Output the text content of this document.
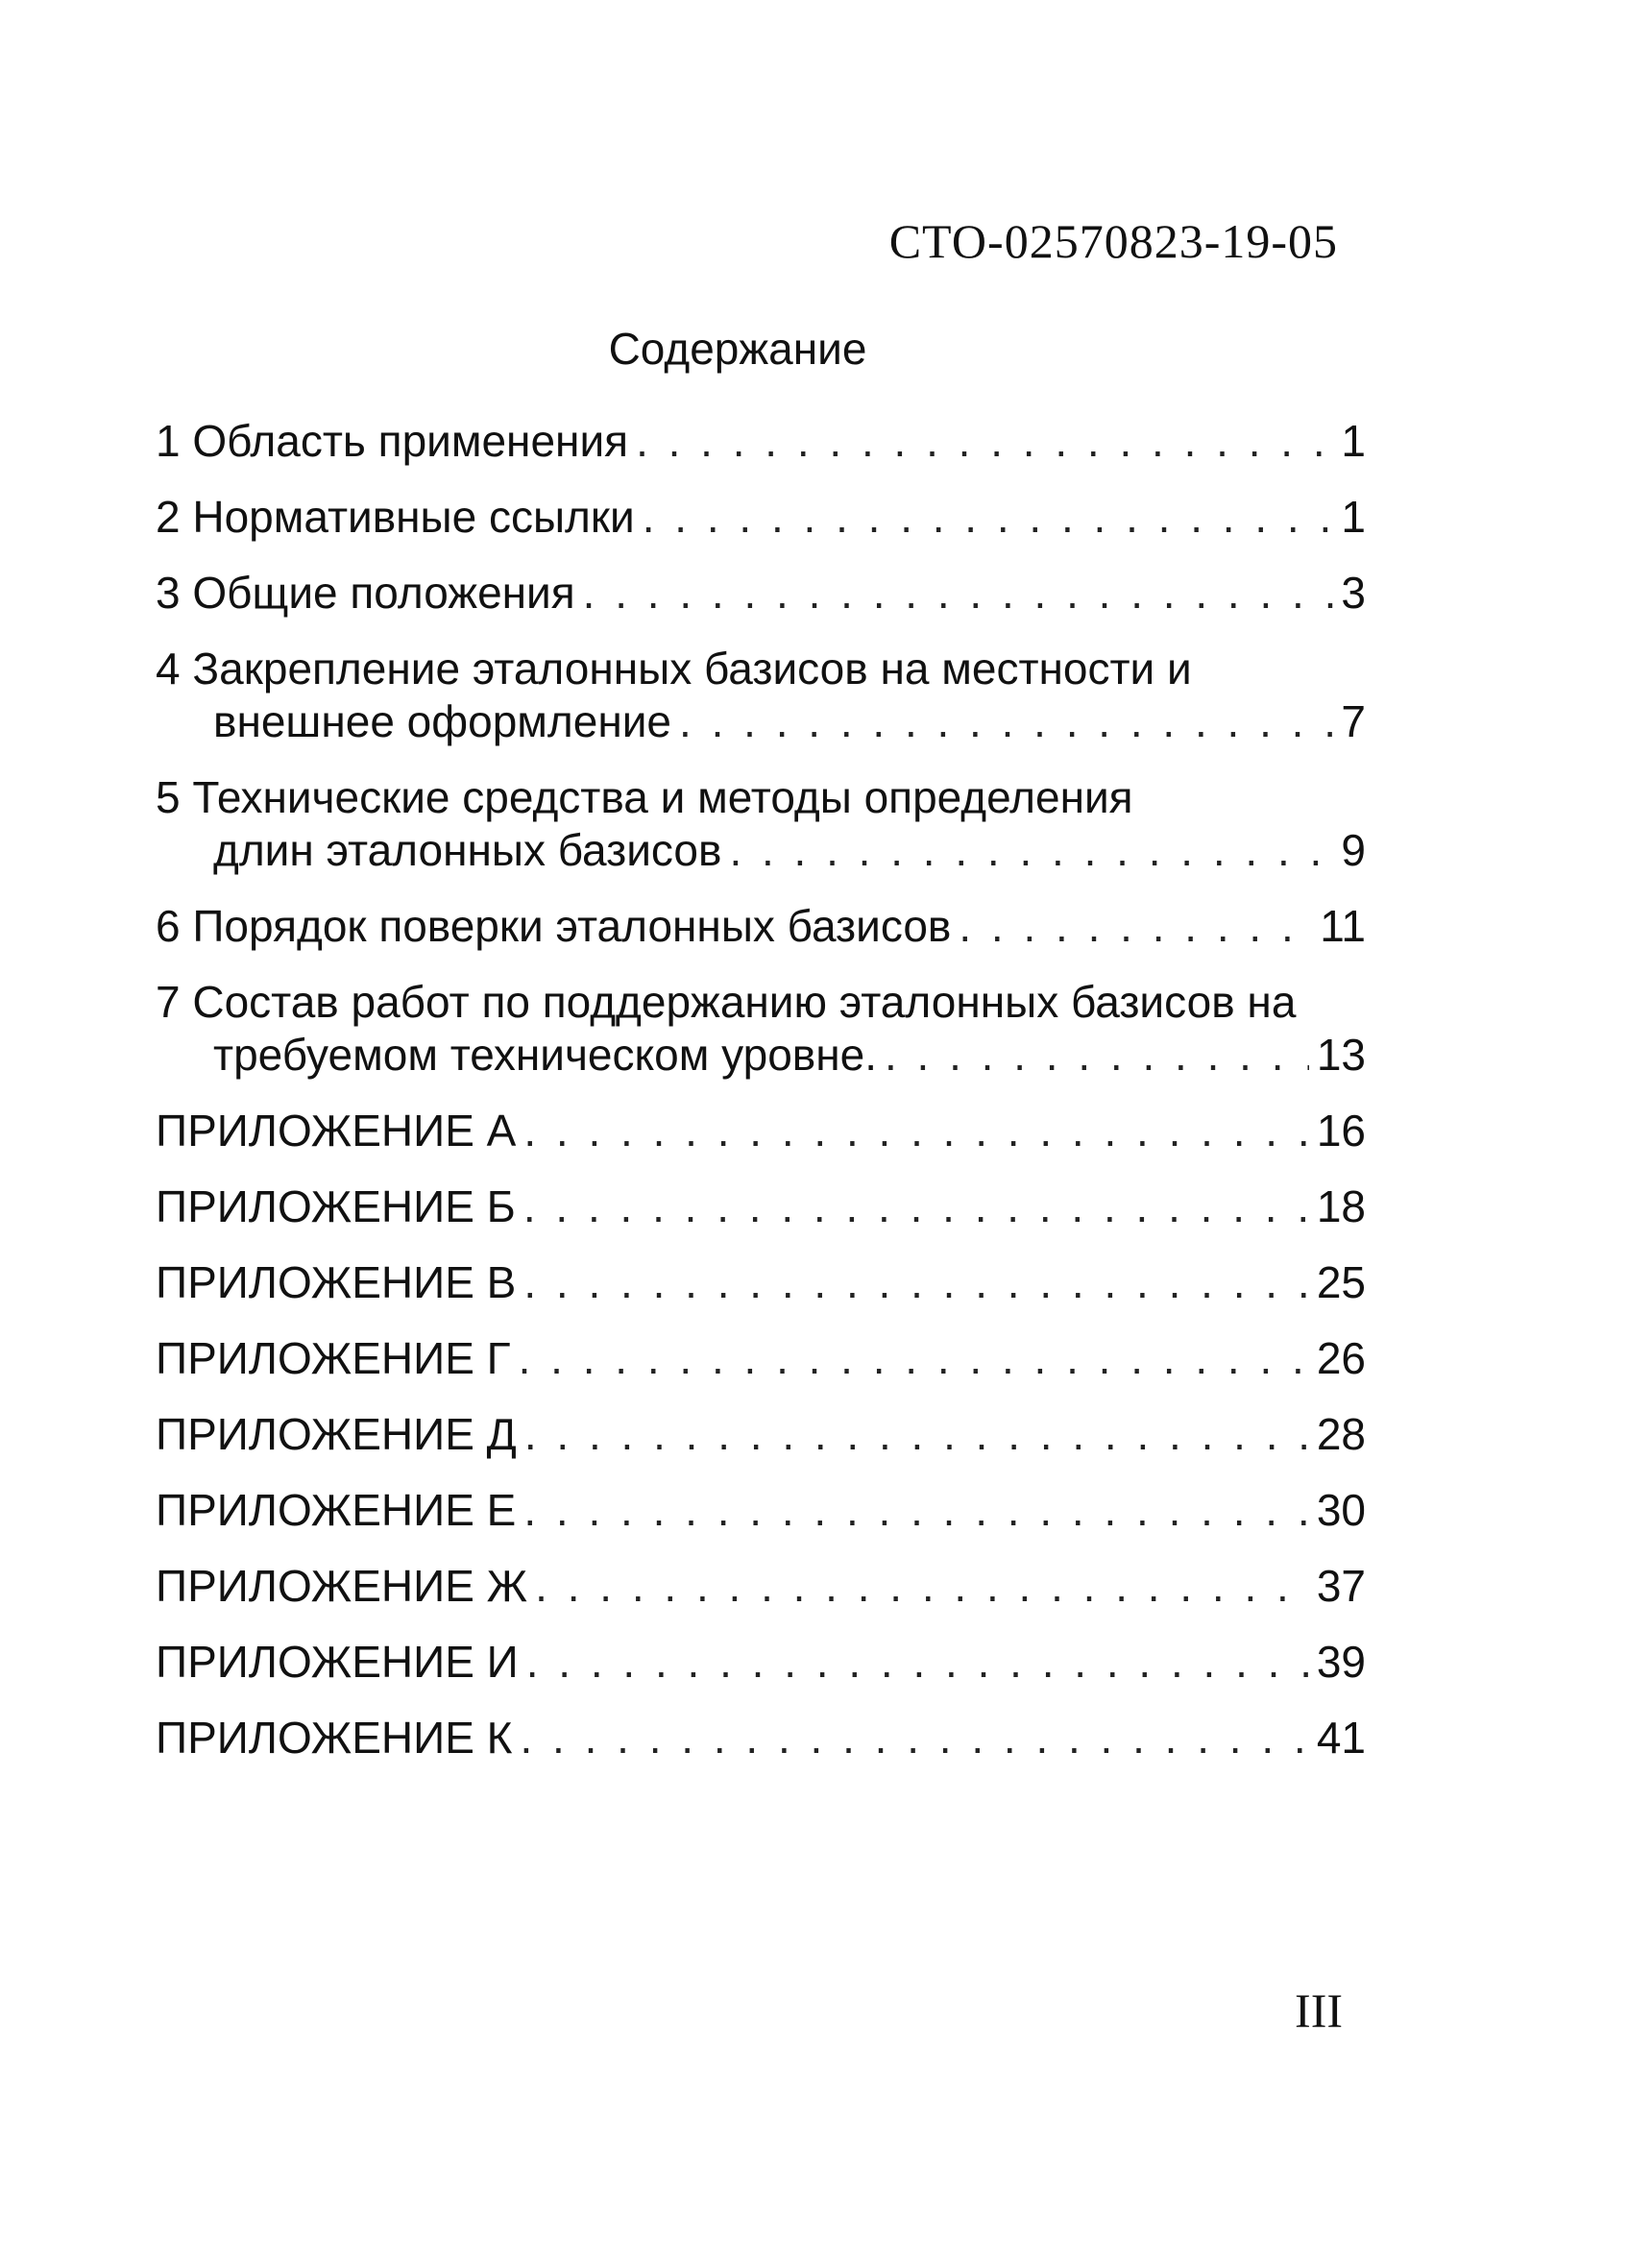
СТО-02570823-19-05
Содержание
1 Область применения . . .	1
2 Нормативные ссылки . . .	1
3 Общие положения . . .	3
4 Закрепление эталонных базисов на местности и
внешнее оформление . . .	7
5 Технические средства и методы определения
длин эталонных базисов . . .	9
6 Порядок поверки эталонных базисов . . .	11
7 Состав работ по поддержанию эталонных базисов на
требуемом техническом уровне. . . .	13
ПРИЛОЖЕНИЕ А . . .	16
ПРИЛОЖЕНИЕ Б . . .	18
ПРИЛОЖЕНИЕ В . . .	25
ПРИЛОЖЕНИЕ Г . . .	26
ПРИЛОЖЕНИЕ Д . . .	28
ПРИЛОЖЕНИЕ Е . . .	30
ПРИЛОЖЕНИЕ Ж . . .	37
ПРИЛОЖЕНИЕ И . . .	39
ПРИЛОЖЕНИЕ К . . .	41
III
